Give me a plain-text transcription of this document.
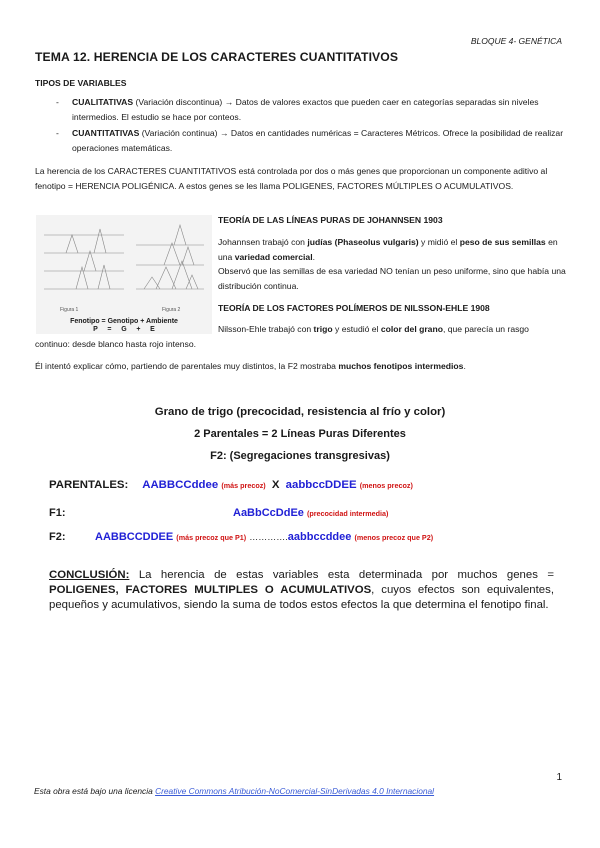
BLOQUE 4- GENÉTICA
TEMA 12. HERENCIA DE LOS CARACTERES CUANTITATIVOS
TIPOS DE VARIABLES
- CUALITATIVAS (Variación discontinua) → Datos de valores exactos que pueden caer en categorías separadas sin niveles intermedios. El estudio se hace por conteos.
- CUANTITATIVAS (Variación continua) → Datos en cantidades numéricas = Caracteres Métricos. Ofrece la posibilidad de realizar operaciones matemáticas.
La herencia de los CARACTERES CUANTITATIVOS está controlada por dos o más genes que proporcionan un componente aditivo al fenotipo = HERENCIA POLIGÉNICA. A estos genes se les llama POLIGENES, FACTORES MÚLTIPLES O ACUMULATIVOS.
Figura 1	Figura 2
Fenotipo = Genotipo + Ambiente
P     =     G     +     E
TEORÍA DE LAS LÍNEAS PURAS DE JOHANNSEN 1903
Johannsen trabajó con judías (Phaseolus vulgaris) y midió el peso de sus semillas en una variedad comercial.
Observó que las semillas de esa variedad NO tenían un peso uniforme, sino que había una distribución continua.
TEORÍA DE LOS FACTORES POLÍMEROS DE NILSSON-EHLE 1908
Nilsson-Ehle trabajó con trigo y estudió el color del grano, que parecía un rasgo continuo: desde blanco hasta rojo intenso.
Él intentó explicar cómo, partiendo de parentales muy distintos, la F2 mostraba muchos fenotipos intermedios.
Grano de trigo (precocidad, resistencia al frío y color)
2 Parentales = 2 Líneas Puras Diferentes
F2: (Segregaciones transgresivas)
PARENTALES: AABBCCddee (más precoz) X aabbccDDEE (menos precoz)
F1:	AaBbCcDdEe (precocidad intermedia)
F2:	AABBCCDDEE (más precoz que P1) ………….aabbccddee (menos precoz que P2)
CONCLUSIÓN: La herencia de estas variables esta determinada por muchos genes = POLIGENES, FACTORES MULTIPLES O ACUMULATIVOS, cuyos efectos son equivalentes, pequeños y acumulativos, siendo la suma de todos estos efectos la que determina el fenotipo final.
1
Esta obra está bajo una licencia Creative Commons Atribución-NoComercial-SinDerivadas 4.0 Internacional
